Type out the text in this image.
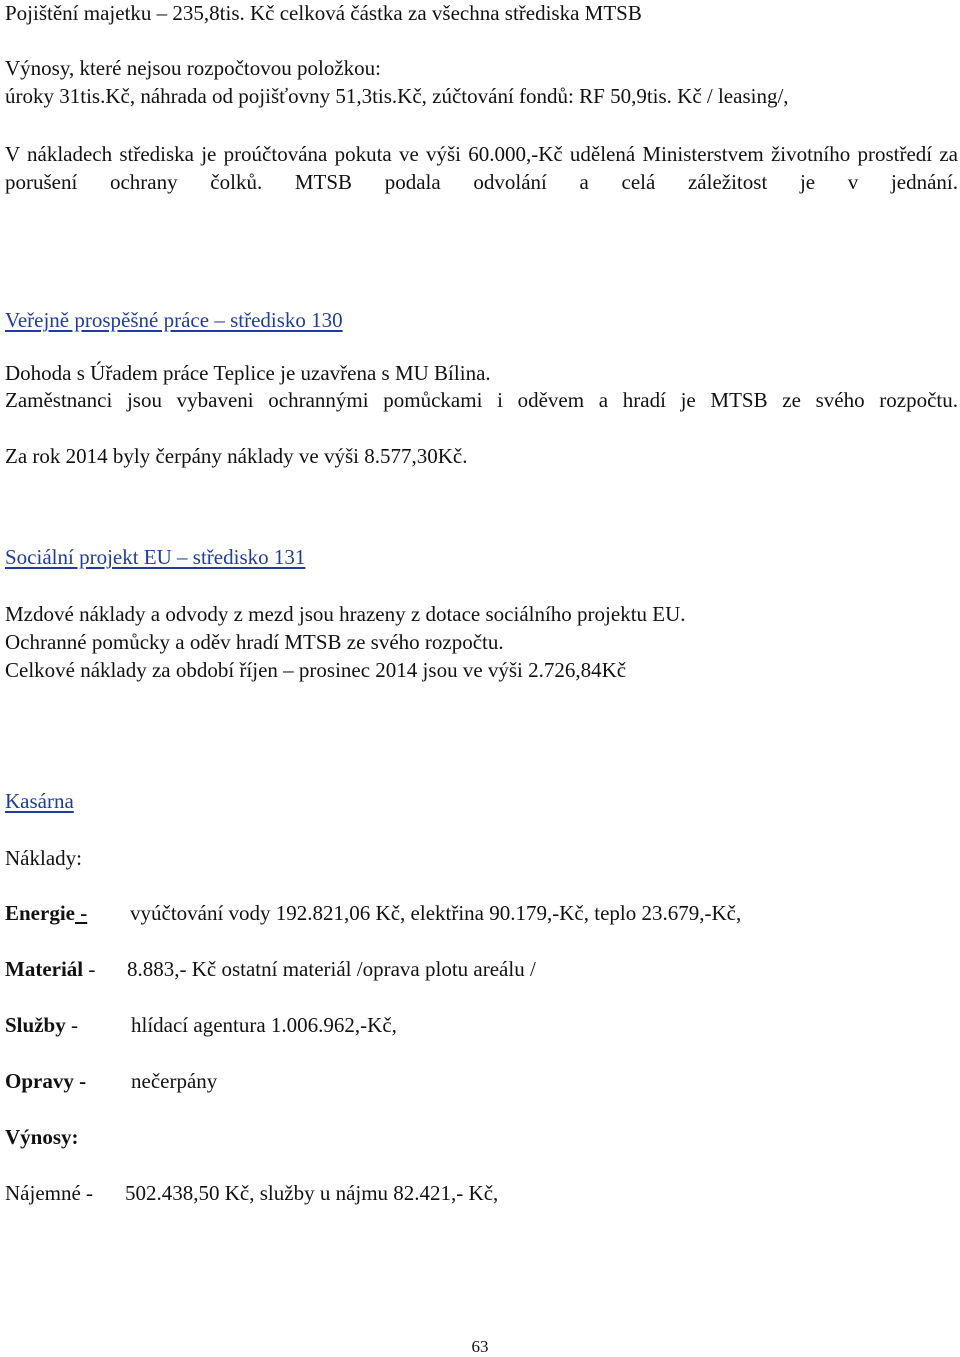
Pojištění majetku – 235,8tis. Kč celková částka za všechna střediska MTSB
Výnosy, které nejsou rozpočtovou položkou:
úroky 31tis.Kč, náhrada od pojišťovny 51,3tis.Kč, zúčtování fondů: RF 50,9tis. Kč / leasing/,
V nákladech střediska je proúčtována pokuta ve výši 60.000,-Kč udělená Ministerstvem životního prostředí za porušení ochrany čolků. MTSB podala odvolání a celá záležitost je v jednání.
Veřejně prospěšné práce – středisko 130
Dohoda s Úřadem práce Teplice je uzavřena s MU Bílina.
Zaměstnanci jsou vybaveni ochrannými pomůckami i oděvem a hradí je MTSB ze svého rozpočtu.
Za rok 2014 byly čerpány náklady ve výši 8.577,30Kč.
Sociální projekt EU – středisko 131
Mzdové náklady a odvody z mezd jsou hrazeny z dotace sociálního projektu EU.
Ochranné pomůcky a oděv hradí MTSB ze svého rozpočtu.
Celkové náklady za období říjen – prosinec 2014 jsou ve výši 2.726,84Kč
Kasárna
Náklady:
Energie - vyúčtování vody 192.821,06 Kč, elektřina 90.179,-Kč, teplo 23.679,-Kč,
Materiál - 8.883,- Kč ostatní materiál /oprava plotu areálu /
Služby -	hlídací agentura 1.006.962,-Kč,
Opravy - nečerpány
Výnosy:
Nájemné - 502.438,50 Kč, služby u nájmu 82.421,- Kč,
63
